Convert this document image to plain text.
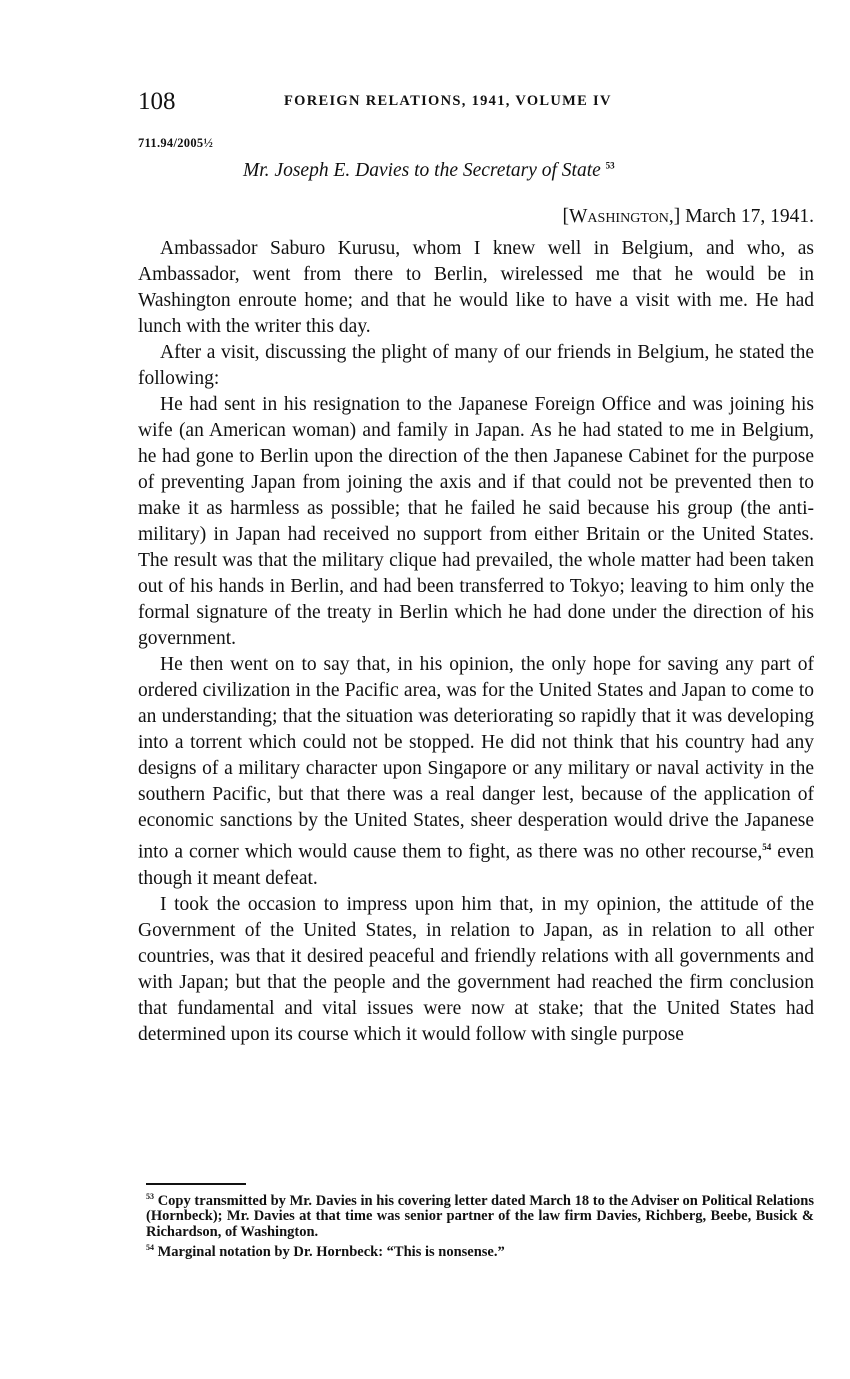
108	FOREIGN RELATIONS, 1941, VOLUME IV
711.94/2005½
Mr. Joseph E. Davies to the Secretary of State $^{53}$
[Washington,] March 17, 1941.

Ambassador Saburo Kurusu, whom I knew well in Belgium, and who, as Ambassador, went from there to Berlin, wirelessed me that he would be in Washington enroute home; and that he would like to have a visit with me. He had lunch with the writer this day.

After a visit, discussing the plight of many of our friends in Belgium, he stated the following:

He had sent in his resignation to the Japanese Foreign Office and was joining his wife (an American woman) and family in Japan. As he had stated to me in Belgium, he had gone to Berlin upon the direction of the then Japanese Cabinet for the purpose of preventing Japan from joining the axis and if that could not be prevented then to make it as harmless as possible; that he failed he said because his group (the anti-military) in Japan had received no support from either Britain or the United States. The result was that the military clique had prevailed, the whole matter had been taken out of his hands in Berlin, and had been transferred to Tokyo; leaving to him only the formal signature of the treaty in Berlin which he had done under the direction of his government.

He then went on to say that, in his opinion, the only hope for saving any part of ordered civilization in the Pacific area, was for the United States and Japan to come to an understanding; that the situation was deteriorating so rapidly that it was developing into a torrent which could not be stopped. He did not think that his country had any designs of a military character upon Singapore or any military or naval activity in the southern Pacific, but that there was a real danger lest, because of the application of economic sanctions by the United States, sheer desperation would drive the Japanese into a corner which would cause them to fight, as there was no other recourse,$^{54}$ even though it meant defeat.

I took the occasion to impress upon him that, in my opinion, the attitude of the Government of the United States, in relation to Japan, as in relation to all other countries, was that it desired peaceful and friendly relations with all governments and with Japan; but that the people and the government had reached the firm conclusion that fundamental and vital issues were now at stake; that the United States had determined upon its course which it would follow with single purpose

$^{53}$ Copy transmitted by Mr. Davies in his covering letter dated March 18 to the Adviser on Political Relations (Hornbeck); Mr. Davies at that time was senior partner of the law firm Davies, Richberg, Beebe, Busick & Richardson, of Washington.

$^{54}$ Marginal notation by Dr. Hornbeck: “This is nonsense.”
